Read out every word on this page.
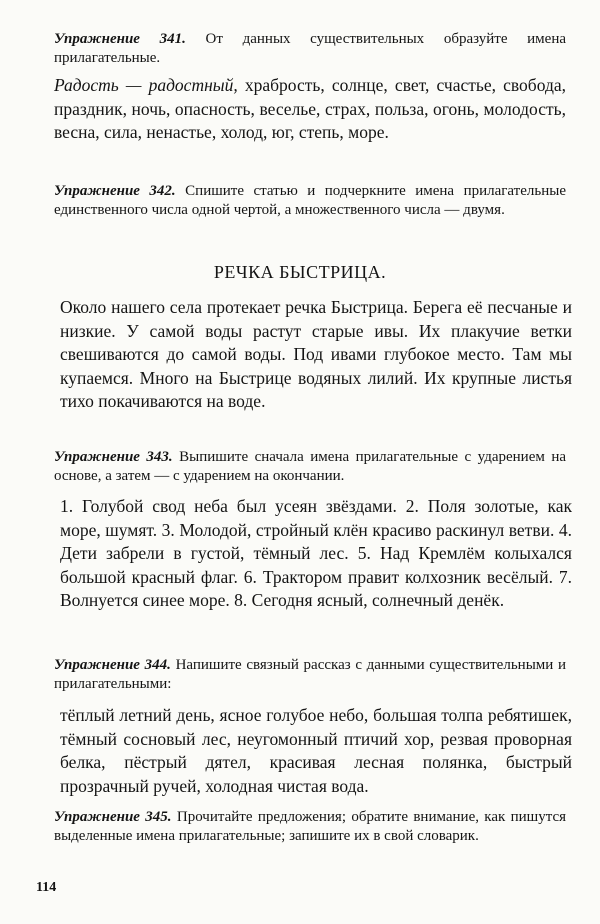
Упражнение 341. От данных существительных образуйте имена прилагательные.
Радость — радостный, храбрость, солнце, свет, счастье, свобода, праздник, ночь, опасность, веселье, страх, польза, огонь, молодость, весна, сила, ненастье, холод, юг, степь, море.
Упражнение 342. Спишите статью и подчеркните имена прилагательные единственного числа одной чертой, а множественного числа — двумя.
РЕЧКА БЫСТРИЦА.
Около нашего села протекает речка Быстрица. Берега её песчаные и низкие. У самой воды растут старые ивы. Их плакучие ветки свешиваются до самой воды. Под ивами глубокое место. Там мы купаемся. Много на Быстрице водяных лилий. Их крупные листья тихо покачиваются на воде.
Упражнение 343. Выпишите сначала имена прилагательные с ударением на основе, а затем — с ударением на окончании.
1. Голубой свод неба был усеян звёздами. 2. Поля золотые, как море, шумят. 3. Молодой, стройный клён красиво раскинул ветви. 4. Дети забрели в густой, тёмный лес. 5. Над Кремлём колыхался большой красный флаг. 6. Трактором правит колхозник весёлый. 7. Волнуется синее море. 8. Сегодня ясный, солнечный денёк.
Упражнение 344. Напишите связный рассказ с данными существительными и прилагательными:
тёплый летний день, ясное голубое небо, большая толпа ребятишек, тёмный сосновый лес, неугомонный птичий хор, резвая проворная белка, пёстрый дятел, красивая лесная полянка, быстрый прозрачный ручей, холодная чистая вода.
Упражнение 345. Прочитайте предложения; обратите внимание, как пишутся выделенные имена прилагательные; запишите их в свой словарик.
114
